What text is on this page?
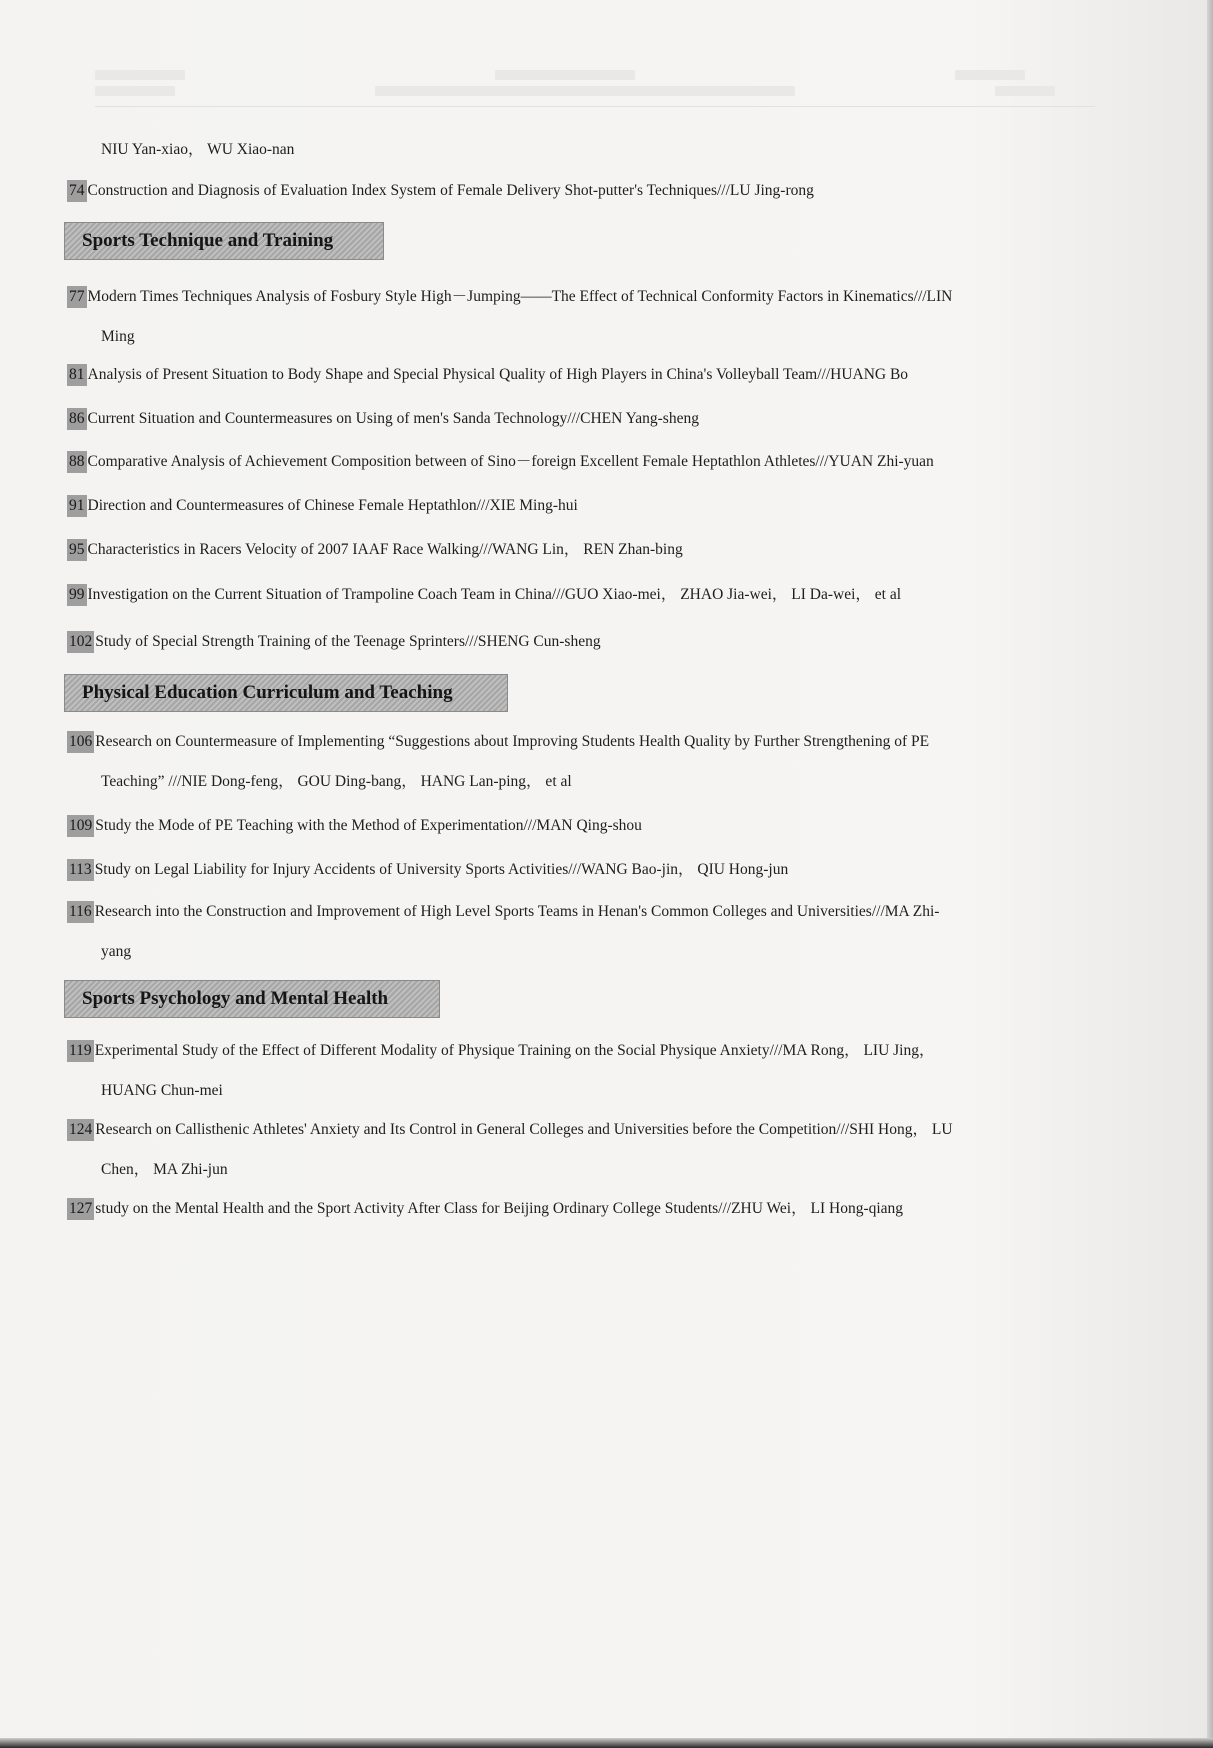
NIU Yan-xiao， WU Xiao-nan
74 Construction and Diagnosis of Evaluation Index System of Female Delivery Shot-putter's Techniques///LU Jing-rong
Sports Technique and Training
77 Modern Times Techniques Analysis of Fosbury Style High－Jumping——The Effect of Technical Conformity Factors in Kinematics///LIN
Ming
81 Analysis of Present Situation to Body Shape and Special Physical Quality of High Players in China's Volleyball Team///HUANG Bo
86 Current Situation and Countermeasures on Using of men's Sanda Technology///CHEN Yang-sheng
88 Comparative Analysis of Achievement Composition between of Sino－foreign Excellent Female Heptathlon Athletes///YUAN Zhi-yuan
91 Direction and Countermeasures of Chinese Female Heptathlon///XIE Ming-hui
95 Characteristics in Racers Velocity of 2007 IAAF Race Walking///WANG Lin， REN Zhan-bing
99 Investigation on the Current Situation of Trampoline Coach Team in China///GUO Xiao-mei， ZHAO Jia-wei， LI Da-wei， et al
102 Study of Special Strength Training of the Teenage Sprinters///SHENG Cun-sheng
Physical Education Curriculum and Teaching
106 Research on Countermeasure of Implementing “Suggestions about Improving Students Health Quality by Further Strengthening of PE
Teaching” ///NIE Dong-feng， GOU Ding-bang， HANG Lan-ping， et al
109 Study the Mode of PE Teaching with the Method of Experimentation///MAN Qing-shou
113 Study on Legal Liability for Injury Accidents of University Sports Activities///WANG Bao-jin， QIU Hong-jun
116 Research into the Construction and Improvement of High Level Sports Teams in Henan's Common Colleges and Universities///MA Zhi-
yang
Sports Psychology and Mental Health
119 Experimental Study of the Effect of Different Modality of Physique Training on the Social Physique Anxiety///MA Rong， LIU Jing，
HUANG Chun-mei
124 Research on Callisthenic Athletes' Anxiety and Its Control in General Colleges and Universities before the Competition///SHI Hong， LU
Chen， MA Zhi-jun
127 study on the Mental Health and the Sport Activity After Class for Beijing Ordinary College Students///ZHU Wei， LI Hong-qiang
